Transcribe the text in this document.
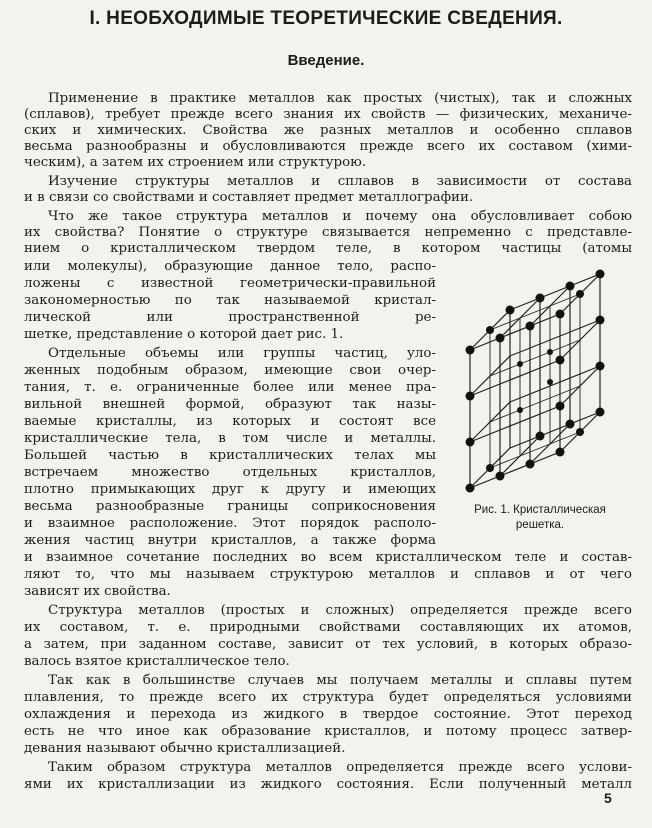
I. НЕОБХОДИМЫЕ ТЕОРЕТИЧЕСКИЕ СВЕДЕНИЯ.
Введение.
Применение в практике металлов как простых (чистых), так и сложных
(сплавов), требует прежде всего знания их свойств — физических, механиче-
ских и химических. Свойства же разных металлов и особенно сплавов
весьма разнообразны и обусловливаются прежде всего их составом (хими-
ческим), а затем их строением или структурою.
Изучение структуры металлов и сплавов в зависимости от состава
и в связи со свойствами и составляет предмет металлографии.
Что же такое структура металлов и почему она обусловливает собою
их свойства? Понятие о структуре связывается непременно с представле-
нием о кристаллическом твердом теле, в котором частицы (атомы
или молекулы), образующие данное тело, распо-
ложены с известной геометрически-правильной
закономерностью по так называемой кристал-
лической или пространственной ре-
шетке, представление о которой дает рис. 1.
Отдельные объемы или группы частиц, уло-
женных подобным образом, имеющие свои очер-
тания, т. е. ограниченные более или менее пра-
вильной внешней формой, образуют так назы-
ваемые кристаллы, из которых и состоят все
кристаллические тела, в том числе и металлы.
Большей частью в кристаллических телах мы
встречаем множество отдельных кристаллов,
плотно примыкающих друг к другу и имеющих
весьма разнообразные границы соприкосновения
и взаимное расположение. Этот порядок располо-
жения частиц внутри кристаллов, а также форма
и взаимное сочетание последних во всем кристаллическом теле и состав-
ляют то, что мы называем структурою металлов и сплавов и от чего
зависят их свойства.
Структура металлов (простых и сложных) определяется прежде всего
их составом, т. е. природными свойствами составляющих их атомов,
а затем, при заданном составе, зависит от тех условий, в которых образо-
валось взятое кристаллическое тело.
Так как в большинстве случаев мы получаем металлы и сплавы путем
плавления, то прежде всего их структура будет определяться условиями
охлаждения и перехода из жидкого в твердое состояние. Этот переход
есть не что иное как образование кристаллов, и потому процесс затвер-
девания называют обычно кристаллизацией.
Таким образом структура металлов определяется прежде всего услови-
ями их кристаллизации из жидкого состояния. Если полученный металл
Рис. 1. Кристаллическая
решетка.
5
